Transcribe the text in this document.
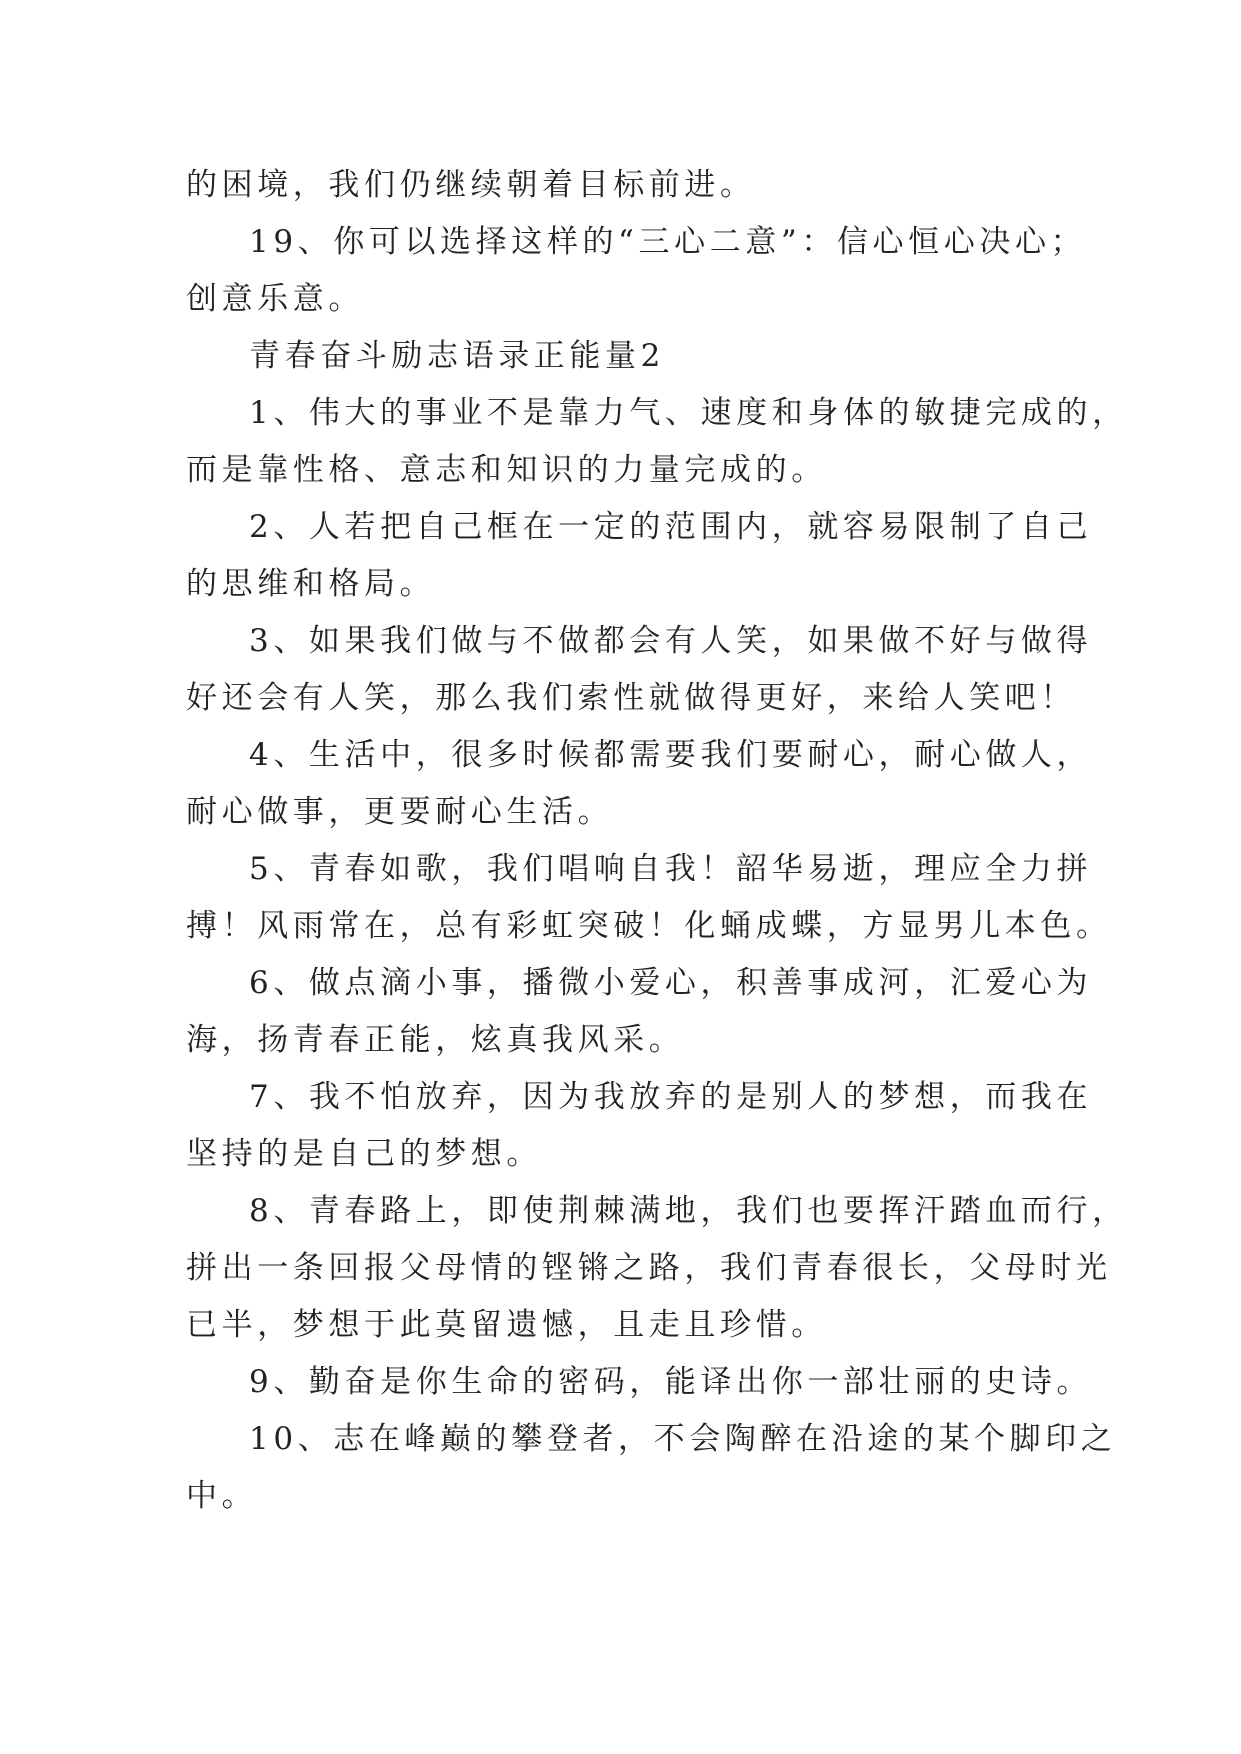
的困境，我们仍继续朝着目标前进。
19、你可以选择这样的“三心二意”：信心恒心决心；
创意乐意。
青春奋斗励志语录正能量2
1、伟大的事业不是靠力气、速度和身体的敏捷完成的，
而是靠性格、意志和知识的力量完成的。
2、人若把自己框在一定的范围内，就容易限制了自己
的思维和格局。
3、如果我们做与不做都会有人笑，如果做不好与做得
好还会有人笑，那么我们索性就做得更好，来给人笑吧！
4、生活中，很多时候都需要我们要耐心，耐心做人，
耐心做事，更要耐心生活。
5、青春如歌，我们唱响自我！韶华易逝，理应全力拼
搏！风雨常在，总有彩虹突破！化蛹成蝶，方显男儿本色。
6、做点滴小事，播微小爱心，积善事成河，汇爱心为
海，扬青春正能，炫真我风采。
7、我不怕放弃，因为我放弃的是别人的梦想，而我在
坚持的是自己的梦想。
8、青春路上，即使荆棘满地，我们也要挥汗踏血而行，
拼出一条回报父母情的铿锵之路，我们青春很长，父母时光
已半，梦想于此莫留遗憾，且走且珍惜。
9、勤奋是你生命的密码，能译出你一部壮丽的史诗。
10、志在峰巅的攀登者，不会陶醉在沿途的某个脚印之
中。
